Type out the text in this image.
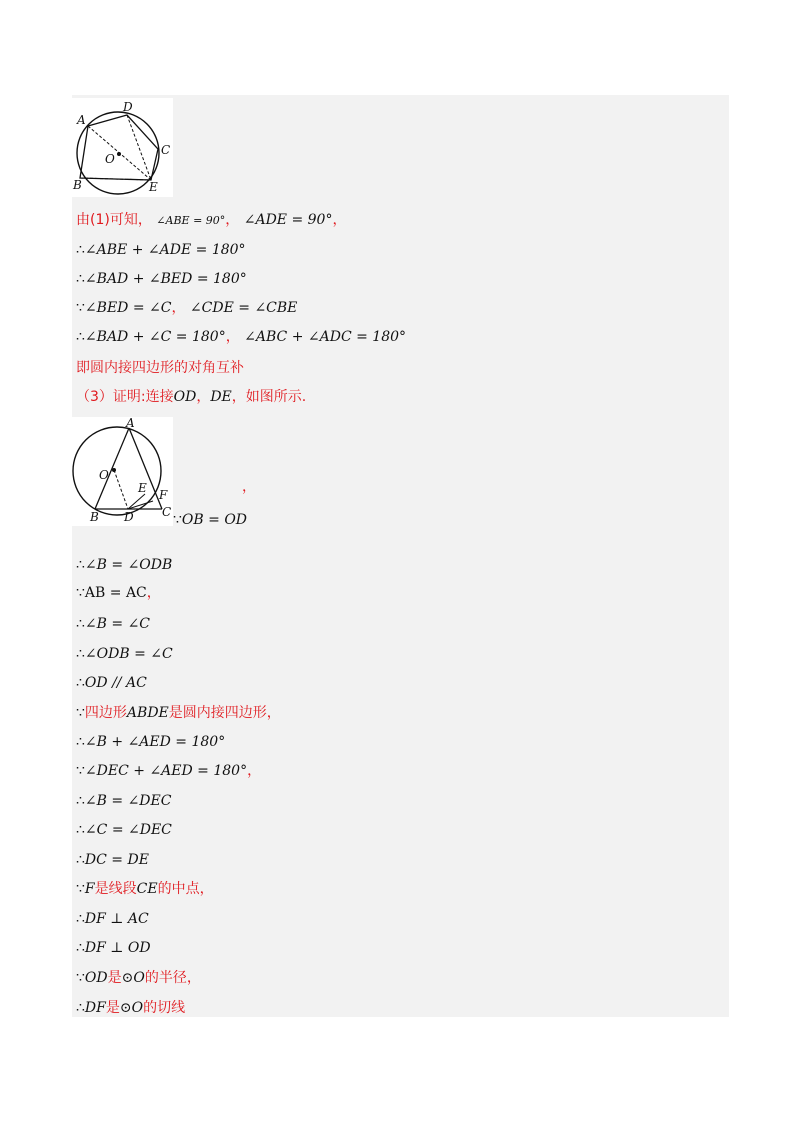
A
D
C
O
B	E
由(1)可知， ∠ABE = 90°， ∠ADE = 90°，
∴∠ABE + ∠ADE = 180°
∴∠BAD + ∠BED = 180°
∵∠BED = ∠C， ∠CDE = ∠CBE
∴∠BAD + ∠C = 180°， ∠ABC + ∠ADC = 180°
即圆内接四边形的对角互补
（3）证明:连接OD，DE，如图所示.
A
O
E F
B D C
，
∵OB = OD
∴∠B = ∠ODB
∵AB = AC，
∴∠B = ∠C
∴∠ODB = ∠C
∴OD // AC
∵四边形ABDE是圆内接四边形，
∴∠B + ∠AED = 180°
∵∠DEC + ∠AED = 180°，
∴∠B = ∠DEC
∴∠C = ∠DEC
∴DC = DE
∵F是线段CE的中点，
∴DF ⊥ AC
∴DF ⊥ OD
∵OD是⊙O的半径，
∴DF是⊙O的切线
